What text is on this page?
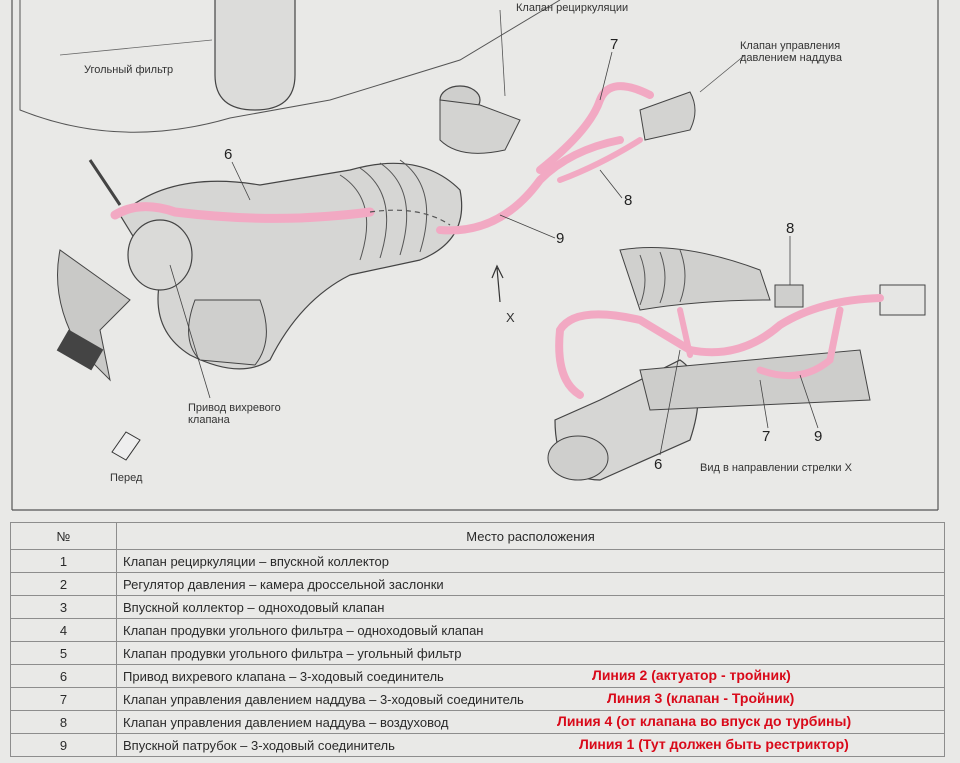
Клапан рециркуляции
Угольный фильтр
Клапан управления
давлением наддува
Привод вихревого
клапана
Перед
Вид в направлении стрелки X
X
6
7
8
9
8
6
7	9
№	Место расположения
1	Клапан рециркуляции – впускной коллектор
2	Регулятор давления – камера дроссельной заслонки
3	Впускной коллектор – одноходовый клапан
4	Клапан продувки угольного фильтра – одноходовый клапан
5	Клапан продувки угольного фильтра – угольный фильтр
6	Привод вихревого клапана – 3-ходовый соединитель Линия 2 (актуатор - тройник)

7	Клапан управления давлением наддува – 3-ходовый соединитель Линия 3 (клапан - Тройник)

8	Клапан управления давлением наддува – воздуховод Линия 4 (от клапана во впуск до турбины)

9	Впускной патрубок – 3-ходовый соединитель Линия 1 (Тут должен быть рестриктор)
